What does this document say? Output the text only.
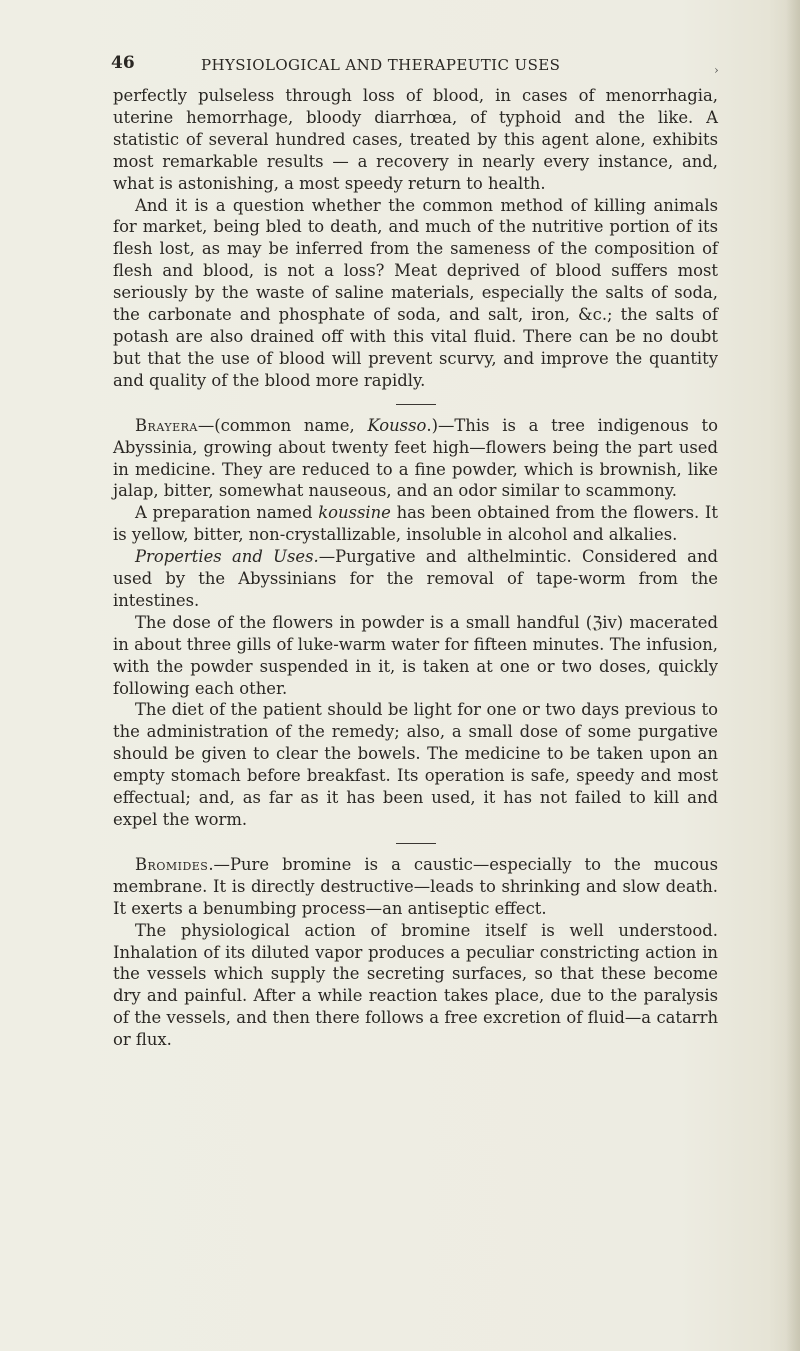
46	PHYSIOLOGICAL AND THERAPEUTIC USES	›

perfectly pulseless through loss of blood, in cases of menorrhagia, uterine hemorrhage, bloody diarrhœa, of typhoid and the like. A statistic of several hundred cases, treated by this agent alone, exhibits most remarkable results — a recovery in nearly every instance, and, what is astonishing, a most speedy return to health.

And it is a question whether the common method of killing animals for market, being bled to death, and much of the nutritive portion of its flesh lost, as may be inferred from the sameness of the composition of flesh and blood, is not a loss? Meat deprived of blood suffers most seriously by the waste of saline materials, especially the salts of soda, the carbonate and phosphate of soda, and salt, iron, &c.; the salts of potash are also drained off with this vital fluid. There can be no doubt but that the use of blood will prevent scurvy, and improve the quantity and quality of the blood more rapidly.

Brayera—(common name, Kousso.)—This is a tree indigenous to Abyssinia, growing about twenty feet high—flowers being the part used in medicine. They are reduced to a fine powder, which is brownish, like jalap, bitter, somewhat nauseous, and an odor similar to scammony.

A preparation named koussine has been obtained from the flowers. It is yellow, bitter, non-crystallizable, insoluble in alcohol and alkalies.

Properties and Uses.—Purgative and althelmintic. Considered and used by the Abyssinians for the removal of tape-worm from the intestines.

The dose of the flowers in powder is a small handful (ℨiv) macerated in about three gills of luke-warm water for fifteen minutes. The infusion, with the powder suspended in it, is taken at one or two doses, quickly following each other.

The diet of the patient should be light for one or two days previous to the administration of the remedy; also, a small dose of some purgative should be given to clear the bowels. The medicine to be taken upon an empty stomach before breakfast. Its operation is safe, speedy and most effectual; and, as far as it has been used, it has not failed to kill and expel the worm.

Bromides.—Pure bromine is a caustic—especially to the mucous membrane. It is directly destructive—leads to shrinking and slow death. It exerts a benumbing process—an antiseptic effect.

The physiological action of bromine itself is well understood. Inhalation of its diluted vapor produces a peculiar constricting action in the vessels which supply the secreting surfaces, so that these become dry and painful. After a while reaction takes place, due to the paralysis of the vessels, and then there follows a free excretion of fluid—a catarrh or flux.
